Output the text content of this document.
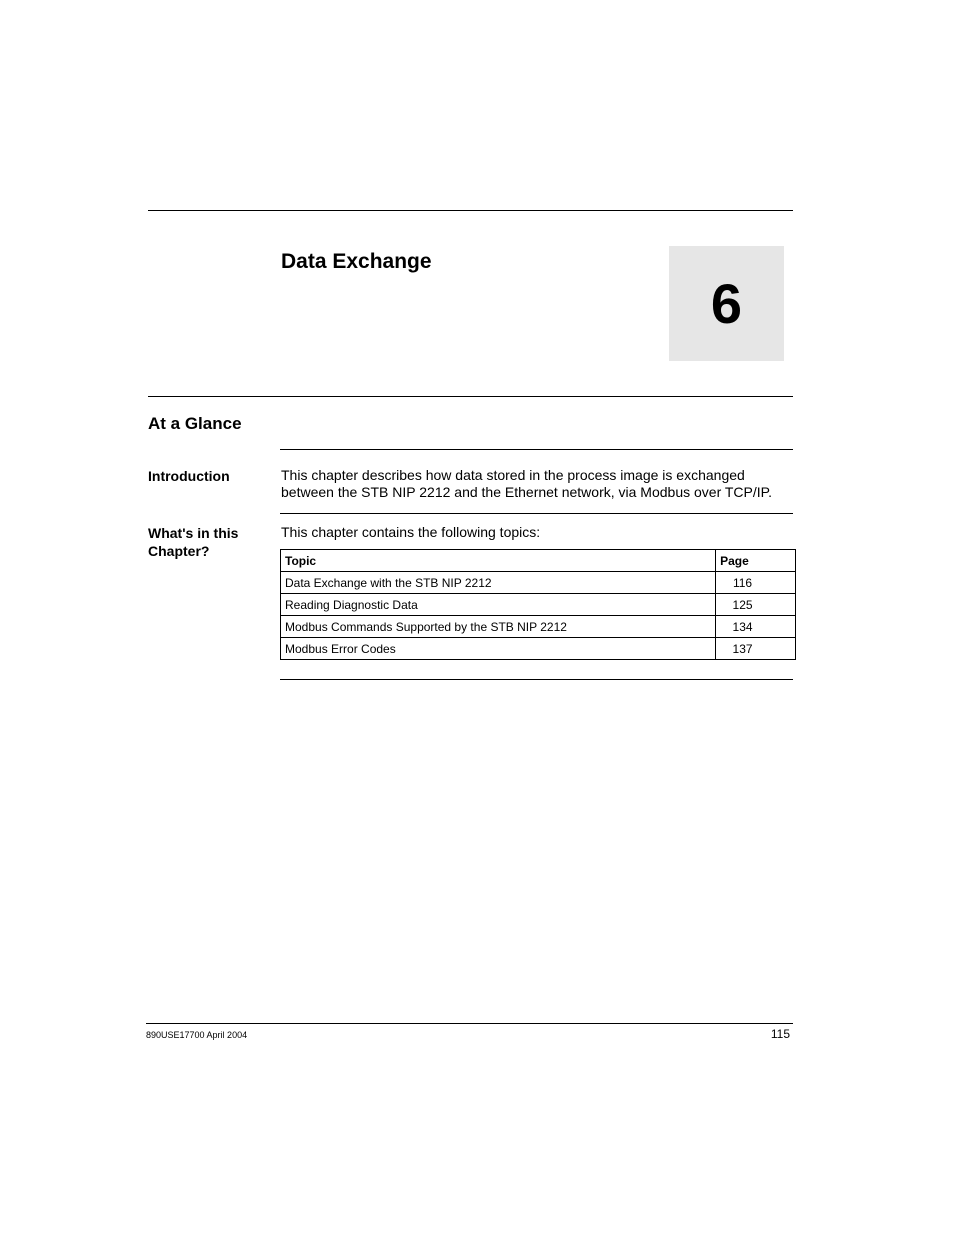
Data Exchange
6
At a Glance
Introduction	This chapter describes how data stored in the process image is exchanged between the STB NIP 2212 and the Ethernet network, via Modbus over TCP/IP.
What's in this
Chapter?
This chapter contains the following topics:
Topic	Page
Data Exchange with the STB NIP 2212	116
Reading Diagnostic Data	125
Modbus Commands Supported by the STB NIP 2212	134
Modbus Error Codes	137
890USE17700 April 2004	115
